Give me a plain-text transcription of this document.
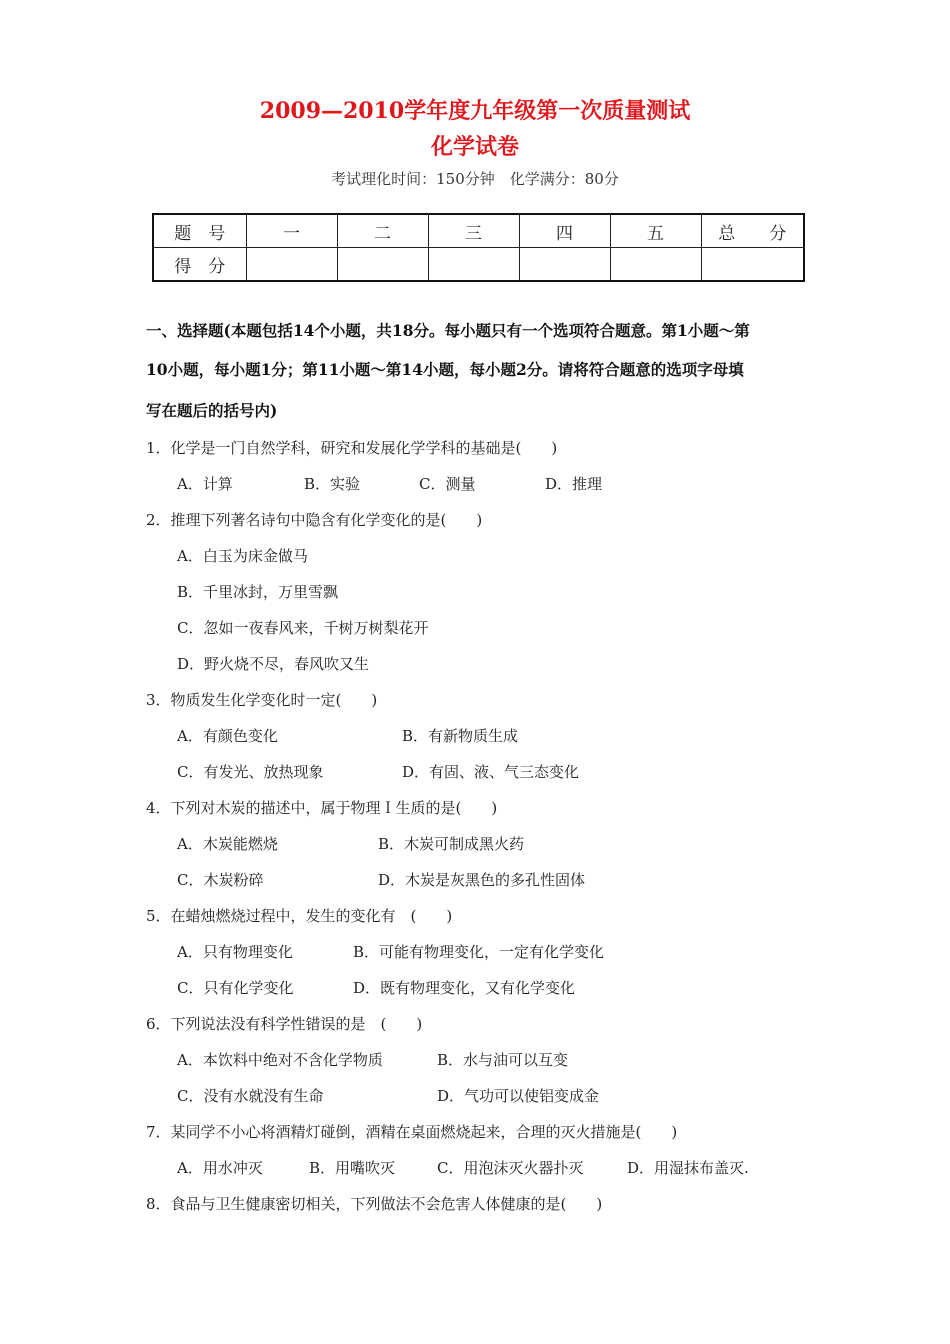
2009—2010学年度九年级第一次质量测试
化学试卷
考试理化时间：150分钟　化学满分：80分
题　号	一	二	三	四	五	总　　分
得　分						
一、选择题(本题包括14个小题，共18分。每小题只有一个选项符合题意。第1小题～第
10小题，每小题1分；第11小题～第14小题，每小题2分。请将符合题意的选项字母填
写在题后的括号内)
1．化学是一门自然学科，研究和发展化学学科的基础是(　　)
A．计算	B．实验	C．测量	D．推理
2．推理下列著名诗句中隐含有化学变化的是(　　)
A．白玉为床金做马
B．千里冰封，万里雪飘
C．忽如一夜春风来，千树万树梨花开
D．野火烧不尽，春风吹又生
3．物质发生化学变化时一定(　　)
A．有颜色变化	B．有新物质生成
C．有发光、放热现象	D．有固、液、气三态变化
4．下列对木炭的描述中，属于物理Ｉ生质的是(　　)
A．木炭能燃烧	B．木炭可制成黑火药
C．木炭粉碎	D．木炭是灰黑色的多孔性固体
5．在蜡烛燃烧过程中，发生的变化有　(　　)
A．只有物理变化	B．可能有物理变化，一定有化学变化
C．只有化学变化	D．既有物理变化，又有化学变化
6．下列说法没有科学性错误的是　(　　)
A．本饮料中绝对不含化学物质	B．水与油可以互变
C．没有水就没有生命	D．气功可以使铝变成金
7．某同学不小心将酒精灯碰倒，酒精在桌面燃烧起来，合理的灭火措施是(　　)
A．用水冲灭	B．用嘴吹灭	C．用泡沫灭火器扑灭	D．用湿抹布盖灭.
8．食品与卫生健康密切相关，下列做法不会危害人体健康的是(　　)
